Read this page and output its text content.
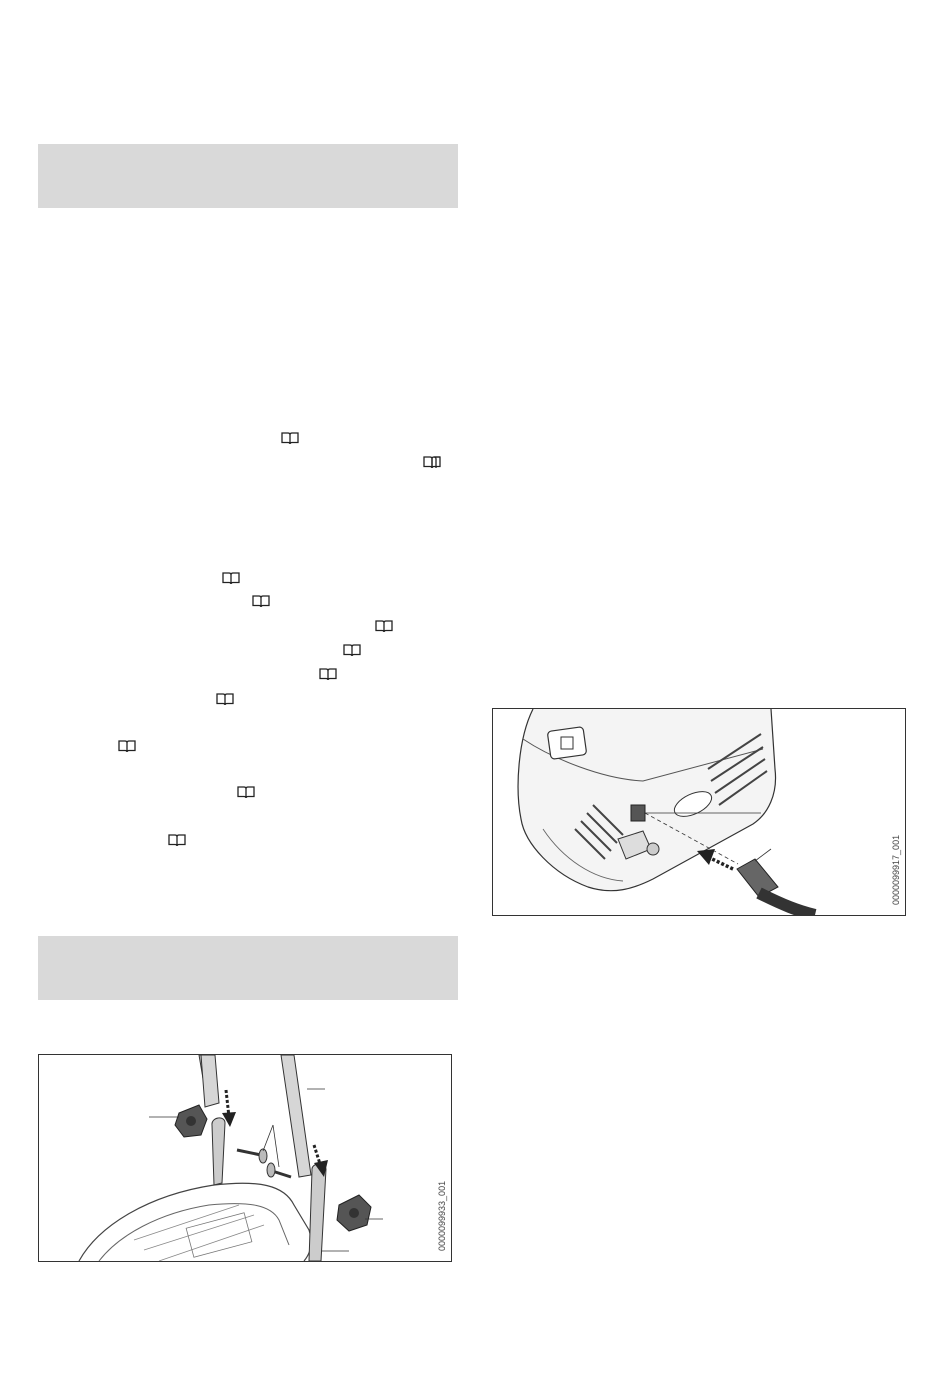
0000099933_001
0000099917_001
